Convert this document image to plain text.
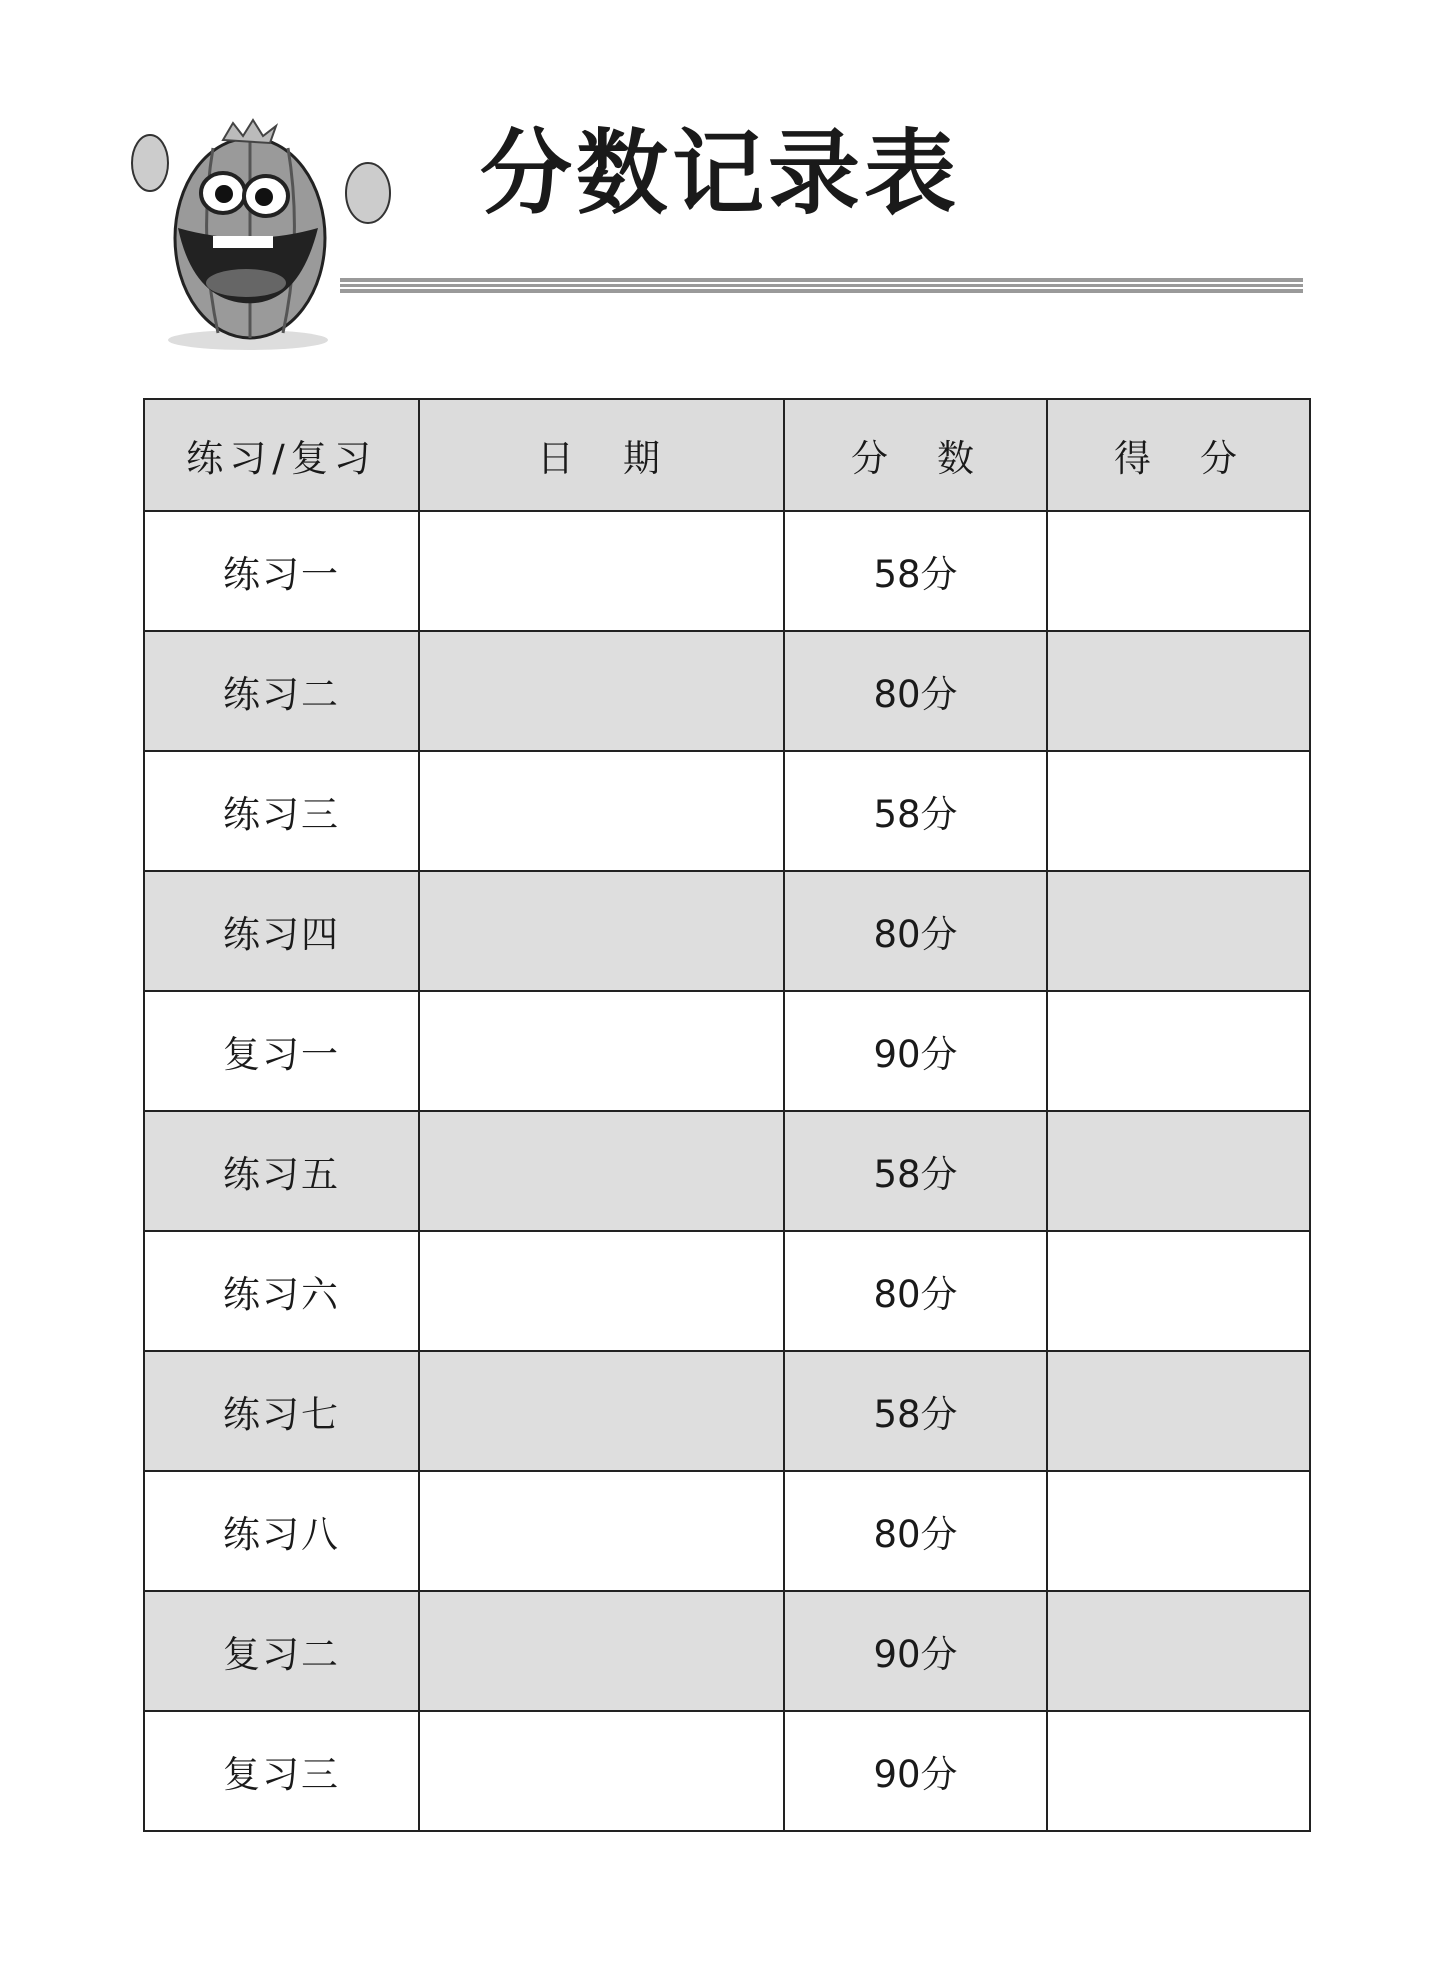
分数记录表
练习/复习	日　期	分　数	得　分
练习一		58分	
练习二		80分	
练习三		58分	
练习四		80分	
复习一		90分	
练习五		58分	
练习六		80分	
练习七		58分	
练习八		80分	
复习二		90分	
复习三		90分	
